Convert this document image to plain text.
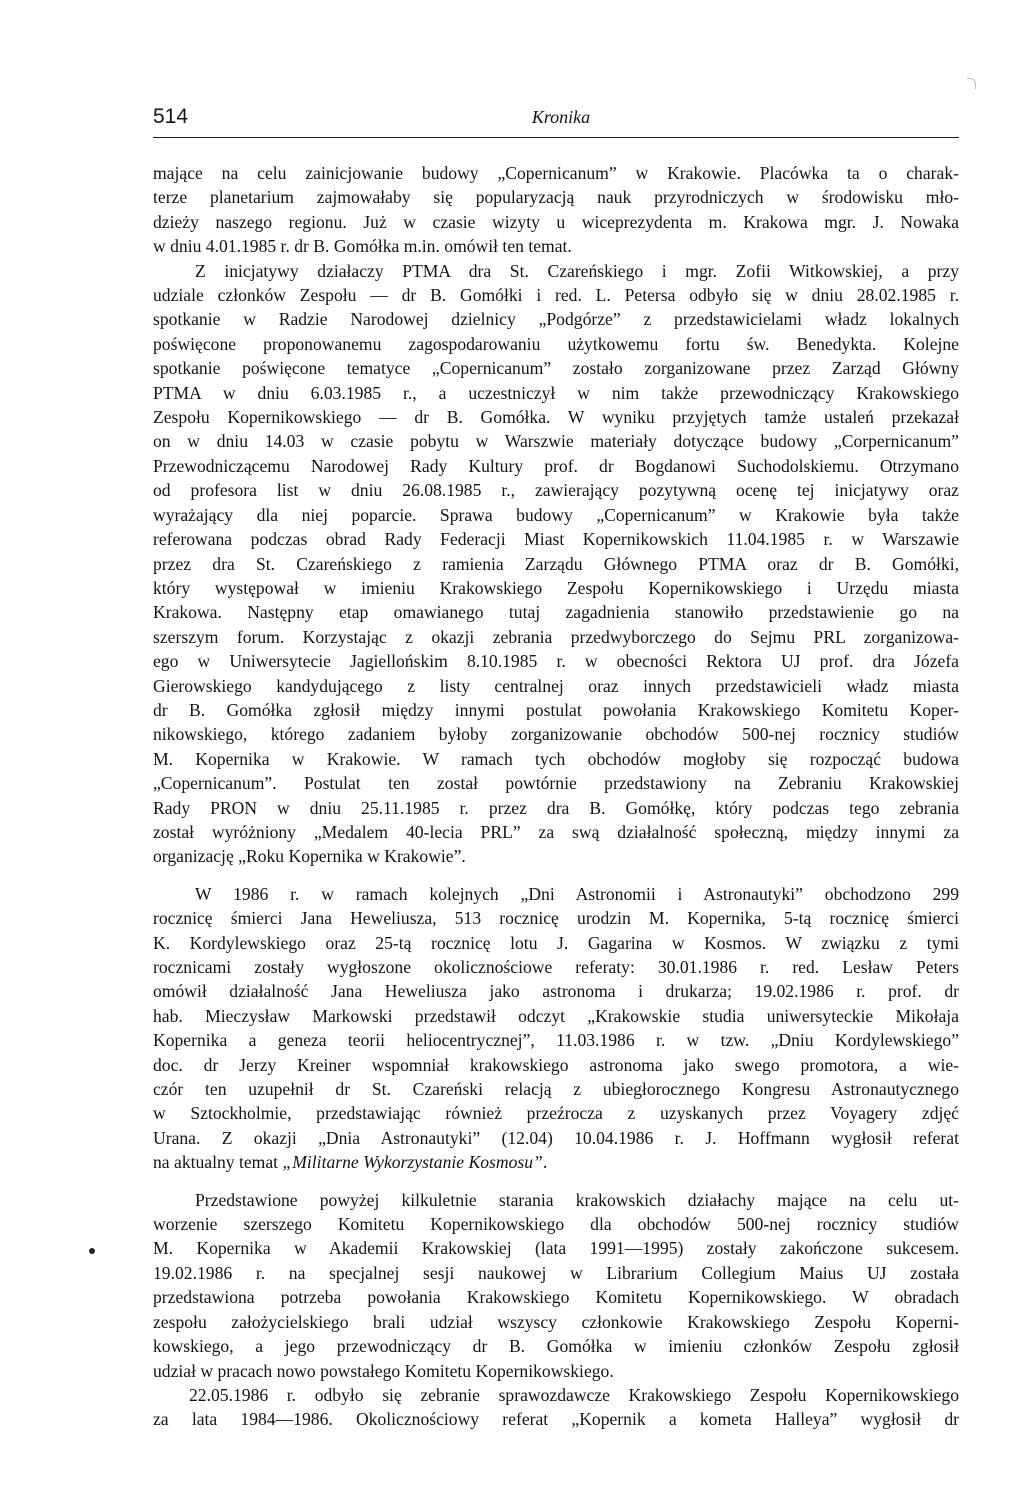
514	Kronika
mające na celu zainicjowanie budowy „Copernicanum” w Krakowie. Placówka ta o charak-
terze planetarium zajmowałaby się popularyzacją nauk przyrodniczych w środowisku mło-
dzieży naszego regionu. Już w czasie wizyty u wiceprezydenta m. Krakowa mgr. J. Nowaka
w dniu 4.01.1985 r. dr B. Gomółka m.in. omówił ten temat.
Z inicjatywy działaczy PTMA dra St. Czareńskiego i mgr. Zofii Witkowskiej, a przy
udziale członków Zespołu — dr B. Gomółki i red. L. Petersa odbyło się w dniu 28.02.1985 r.
spotkanie w Radzie Narodowej dzielnicy „Podgórze” z przedstawicielami władz lokalnych
poświęcone proponowanemu zagospodarowaniu użytkowemu fortu św. Benedykta. Kolejne
spotkanie poświęcone tematyce „Copernicanum” zostało zorganizowane przez Zarząd Główny
PTMA w dniu 6.03.1985 r., a uczestniczył w nim także przewodniczący Krakowskiego
Zespołu Kopernikowskiego — dr B. Gomółka. W wyniku przyjętych tamże ustaleń przekazał
on w dniu 14.03 w czasie pobytu w Warszwie materiały dotyczące budowy „Corpernicanum”
Przewodniczącemu Narodowej Rady Kultury prof. dr Bogdanowi Suchodolskiemu. Otrzymano
od profesora list w dniu 26.08.1985 r., zawierający pozytywną ocenę tej inicjatywy oraz
wyrażający dla niej poparcie. Sprawa budowy „Copernicanum” w Krakowie była także
referowana podczas obrad Rady Federacji Miast Kopernikowskich 11.04.1985 r. w Warszawie
przez dra St. Czareńskiego z ramienia Zarządu Głównego PTMA oraz dr B. Gomółki,
który występował w imieniu Krakowskiego Zespołu Kopernikowskiego i Urzędu miasta
Krakowa. Następny etap omawianego tutaj zagadnienia stanowiło przedstawienie go na
szerszym forum. Korzystając z okazji zebrania przedwyborczego do Sejmu PRL zorganizowa-
ego w Uniwersytecie Jagiellońskim 8.10.1985 r. w obecności Rektora UJ prof. dra Józefa
Gierowskiego kandydującego z listy centralnej oraz innych przedstawicieli władz miasta
dr B. Gomółka zgłosił między innymi postulat powołania Krakowskiego Komitetu Koper-
nikowskiego, którego zadaniem byłoby zorganizowanie obchodów 500-nej rocznicy studiów
M. Kopernika w Krakowie. W ramach tych obchodów mogłoby się rozpocząć budowa
„Copernicanum”. Postulat ten został powtórnie przedstawiony na Zebraniu Krakowskiej
Rady PRON w dniu 25.11.1985 r. przez dra B. Gomółkę, który podczas tego zebrania
został wyróżniony „Medalem 40-lecia PRL” za swą działalność społeczną, między innymi za
organizację „Roku Kopernika w Krakowie”.
W 1986 r. w ramach kolejnych „Dni Astronomii i Astronautyki” obchodzono 299
rocznicę śmierci Jana Heweliusza, 513 rocznicę urodzin M. Kopernika, 5-tą rocznicę śmierci
K. Kordylewskiego oraz 25-tą rocznicę lotu J. Gagarina w Kosmos. W związku z tymi
rocznicami zostały wygłoszone okolicznościowe referaty: 30.01.1986 r. red. Lesław Peters
omówił działalność Jana Heweliusza jako astronoma i drukarza; 19.02.1986 r. prof. dr
hab. Mieczysław Markowski przedstawił odczyt „Krakowskie studia uniwersyteckie Mikołaja
Kopernika a geneza teorii heliocentrycznej”, 11.03.1986 r. w tzw. „Dniu Kordylewskiego”
doc. dr Jerzy Kreiner wspomniał krakowskiego astronoma jako swego promotora, a wie-
czór ten uzupełnił dr St. Czareński relacją z ubiegłorocznego Kongresu Astronautycznego
w Sztockholmie, przedstawiając również przeźrocza z uzyskanych przez Voyagery zdjęć
Urana. Z okazji „Dnia Astronautyki” (12.04) 10.04.1986 r. J. Hoffmann wygłosił referat
na aktualny temat „Militarne Wykorzystanie Kosmosu”.
Przedstawione powyżej kilkuletnie starania krakowskich działachy mające na celu ut-
worzenie szerszego Komitetu Kopernikowskiego dla obchodów 500-nej rocznicy studiów
M. Kopernika w Akademii Krakowskiej (lata 1991—1995) zostały zakończone sukcesem.
19.02.1986 r. na specjalnej sesji naukowej w Librarium Collegium Maius UJ została
przedstawiona potrzeba powołania Krakowskiego Komitetu Kopernikowskiego. W obradach
zespołu założycielskiego brali udział wszyscy członkowie Krakowskiego Zespołu Koperni-
kowskiego, a jego przewodniczący dr B. Gomółka w imieniu członków Zespołu zgłosił
udział w pracach nowo powstałego Komitetu Kopernikowskiego.
22.05.1986 r. odbyło się zebranie sprawozdawcze Krakowskiego Zespołu Kopernikowskiego
za lata 1984—1986. Okolicznościowy referat „Kopernik a kometa Halleya” wygłosił dr
